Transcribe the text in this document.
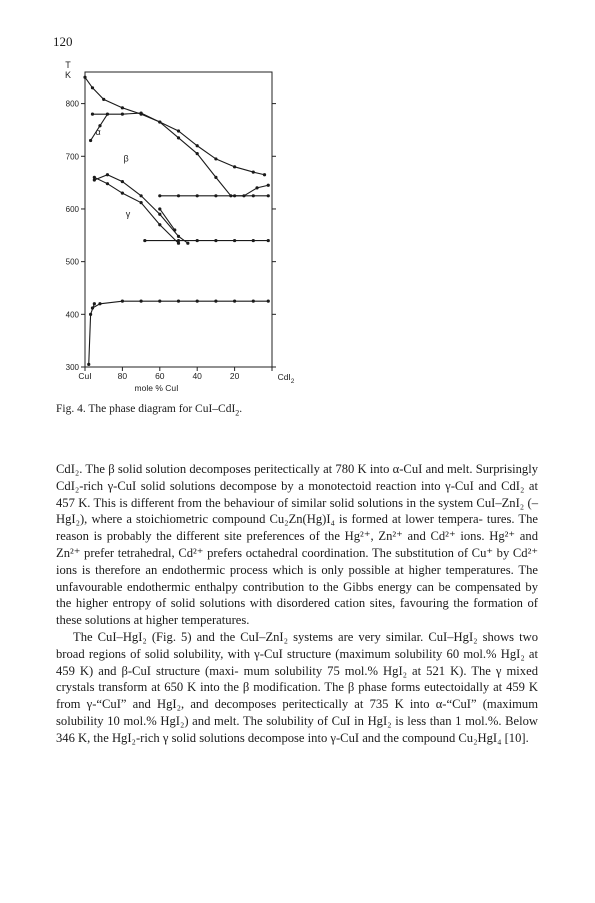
120
800
700
600
500
400
300
CuI	80	60	40	20	CdI$_2$
T
K
mole % CuI
α
β
γ
Fig. 4. The phase diagram for CuI–CdI$_2$.

CdI₂. The β solid solution decomposes peritectically at 780 K into α-CuI and melt. Surprisingly CdI₂-rich γ-CuI solid solutions decompose by a monotectoid reaction into γ-CuI and CdI₂ at 457 K. This is different from the behaviour of similar solid solutions in the system CuI–ZnI₂ (–HgI₂), where a stoichiometric compound Cu₂Zn(Hg)I₄ is formed at lower tempera- tures. The reason is probably the different site preferences of the Hg²⁺, Zn²⁺ and Cd²⁺ ions. Hg²⁺ and Zn²⁺ prefer tetrahedral, Cd²⁺ prefers octahedral coordination. The substitution of Cu⁺ by Cd²⁺ ions is therefore an endothermic process which is only possible at higher temperatures. The unfavourable endothermic enthalpy contribution to the Gibbs energy can be compensated by the higher entropy of solid solutions with disordered cation sites, favouring the formation of these solutions at higher temperatures.

The CuI–HgI₂ (Fig. 5) and the CuI–ZnI₂ systems are very similar. CuI–HgI₂ shows two broad regions of solid solubility, with γ-CuI structure (maximum solubility 60 mol.% HgI₂ at 459 K) and β-CuI structure (maxi- mum solubility 75 mol.% HgI₂ at 521 K). The γ mixed crystals transform at 650 K into the β modification. The β phase forms eutectoidally at 459 K from γ-“CuI” and HgI₂, and decomposes peritectically at 735 K into α-“CuI” (maximum solubility 10 mol.% HgI₂) and melt. The solubility of CuI in HgI₂ is less than 1 mol.%. Below 346 K, the HgI₂-rich γ solid solutions decompose into γ-CuI and the compound Cu₂HgI₄ [10].
